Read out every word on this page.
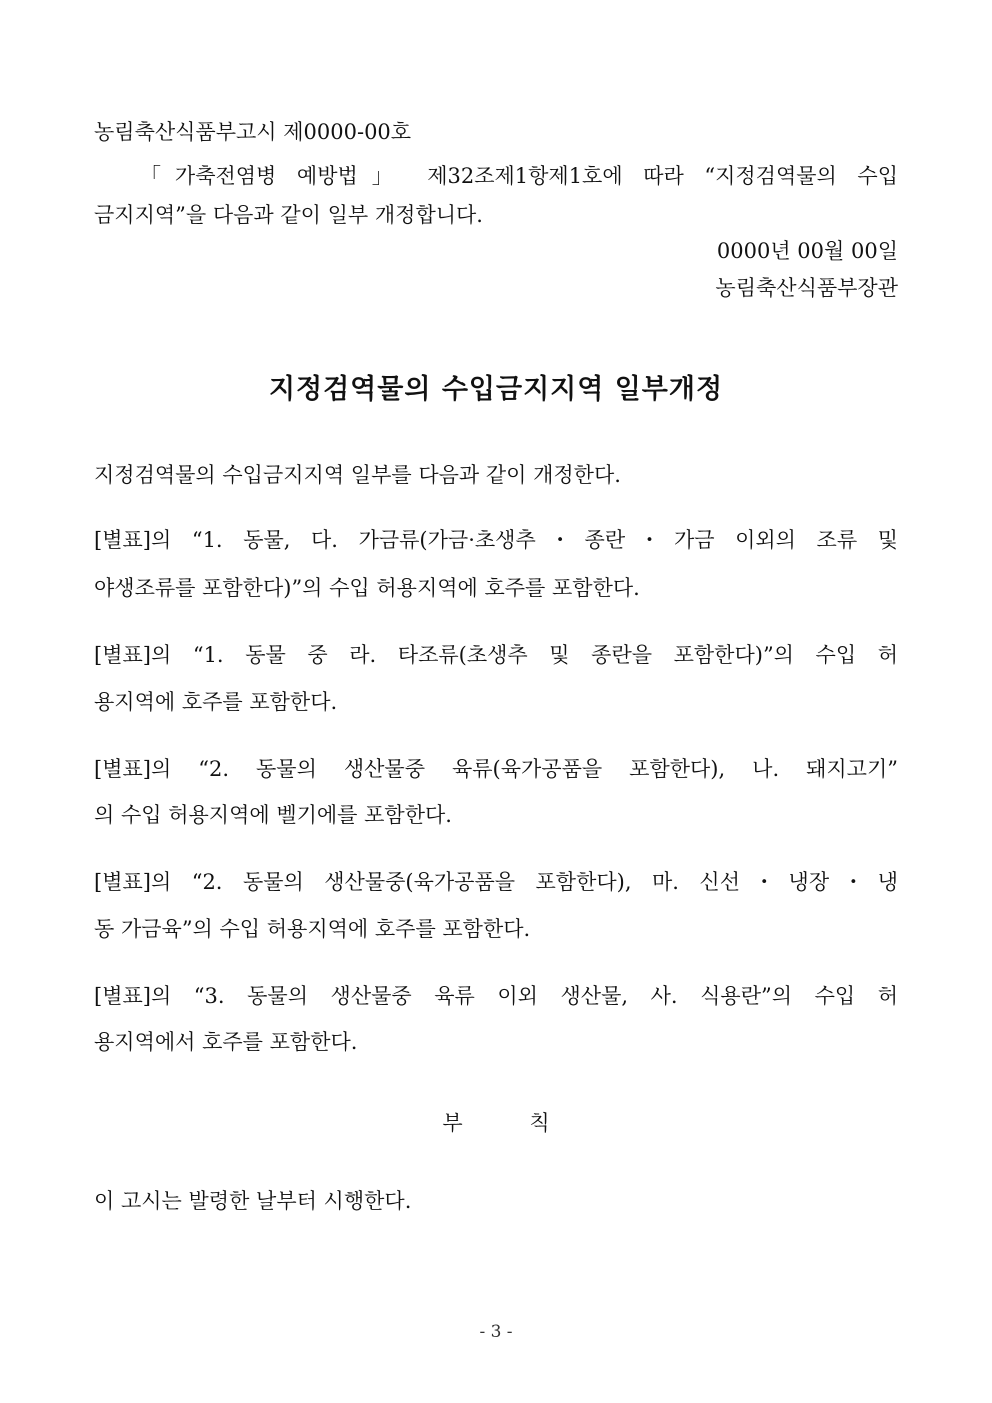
농림축산식품부고시 제0000-00호
「가축전염병 예방법」 제32조제1항제1호에 따라 “지정검역물의 수입
금지지역”을 다음과 같이 일부 개정합니다.
0000년 00월 00일
농림축산식품부장관
지정검역물의 수입금지지역 일부개정
지정검역물의 수입금지지역 일부를 다음과 같이 개정한다.
[별표]의 “1. 동물, 다. 가금류(가금·초생추・종란・가금 이외의 조류 및
야생조류를 포함한다)”의 수입 허용지역에 호주를 포함한다.
[별표]의 “1. 동물 중 라. 타조류(초생추 및 종란을 포함한다)”의 수입 허
용지역에 호주를 포함한다.
[별표]의 “2. 동물의 생산물중 육류(육가공품을 포함한다), 나. 돼지고기”
의 수입 허용지역에 벨기에를 포함한다.
[별표]의 “2. 동물의 생산물중(육가공품을 포함한다), 마. 신선・냉장・냉
동 가금육”의 수입 허용지역에 호주를 포함한다.
[별표]의 “3. 동물의 생산물중 육류 이외 생산물, 사. 식용란”의 수입 허
용지역에서 호주를 포함한다.
부 칙
이 고시는 발령한 날부터 시행한다.
- 3 -
